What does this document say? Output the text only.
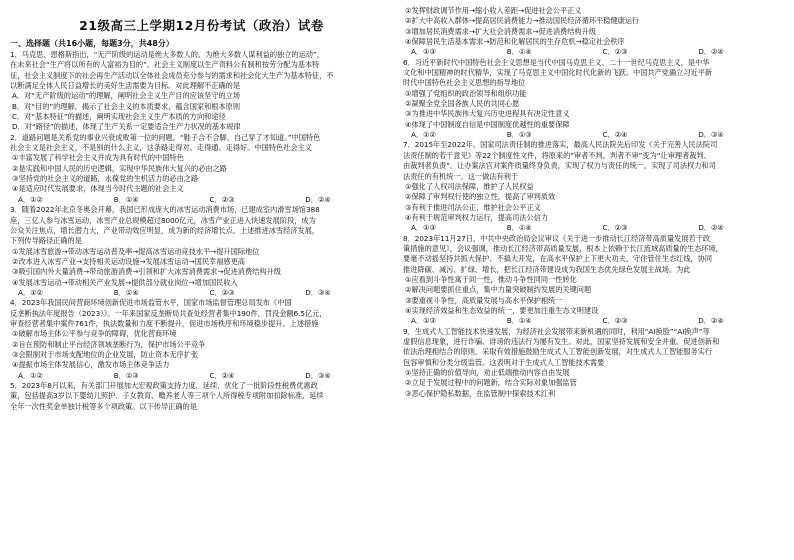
21级高三上学期12月份考试（政治）试卷
一、选择题（共16小题，每题3分，共48分）
1．马克思、恩格斯指出，“无产阶级的运动是绝大多数人的、为绝大多数人谋利益的独立的运动”，
在未来社会“生产将以所有的人富裕为目的”。社会主义制度以生产资料公有制和按劳分配为基本特
征，社会主义制度下的社会再生产活动以全体社会成员充分参与的需求和社会化大生产为基本特征，不
以断满足全体人民日益增长的美好生活需要为目标。对此理解不正确的是
A．对“无产阶级的运动”的理解，阐明社会主义生产目的应该坚守的立场
B．对“目的”的理解，揭示了社会主义的本质要求，蕴含国家和根本原则
C．对“基本特征”的描述，阐明实现社会主义生产本质的方向和途径
D．对“路径”的描述，体现了生产关系一定要适合生产力状况的基本规律
2．道路问题是关系党的事业兴衰成败第一位的问题。“鞋子合不合脚，自己穿了才知道。”中国特色
社会主义是社会主义，不是别的什么主义，这条路走得对、走得通、走得好。中国特色社会主义
①丰富发展了科学社会主义并成为具有时代的中国特色
②是实践和中国人民的历史逻辑，实现中华民族伟大复兴的必由之路
③坚持党的社会主义的道路，永葆党的生机活力的必由之路
④是适应时代发展要求，体现当今时代主题的社会主义
A．①②	B．①④	C．②③	D．②④
3．随着2022年北京冬奥会开幕，我国已形成庞大的冰雪运动消费市场，已建成室内滑雪场馆388
座，三亿人参与冰雪运动，冰雪产业总规模超过8000亿元，冰雪产业正进入快速发展阶段，成为
公众关注焦点，增长潜力大，产业带动效应明显，成为新的经济增长点。上述推进冰雪经济发展，
下列传导路径正确的是
①发展冰雪旅游→带动冰雪运动普及率→提高冰雪运动竞技水平→提升国际地位
②改本进入冰雪产业→支持相关运动设施→发展冰雪运动→国民幸福感更高
③吸引国内外大量消费→带动旅游消费→引领和扩大冰雪消费需求→促进消费结构升级
④发展冰雪运动→带动相关产业发展→提供部分就业岗位→增加国民收入
A．①②	B．①④	C．②③	D．③④
4．2023年我国民间营商环境创新促进市场监管水平，国家市场监督管理总局发布《中国
反垄断执法年度报告（2023）》。一年来国家反垄断局共查处经营者集中190件，罚没金额6.5亿元，
审查经营者集中案件761件，执法数量和力度不断提升，促进市场秩序和环境稳步提升。上述措施
①破解市场主体公平参与竞争的障碍，优化营商环境
②旨在预防和制止平台经济领域垄断行为，保护市场公平竞争
③会限制对于市场支配地位的企业发展，防止资本无序扩张
④提振市场主体发展信心，激发市场主体竞争活力
A．①②	B．①③	C．②④	D．③④
5．2023年8月以来，有关部门开展加大宏观政策支持力度，延续、优化了一批阶段性税费优惠政
策，包括提高3岁以下婴幼儿照护、子女教育、赡养老人等三项个人所得税专项附加扣除标准，延续
全年一次性奖金单独计税等多个项政策。以下传导正确的是
①发挥财政调节作用→缩小收入差距→促进社会公平正义
②扩大中高收入群体→提高居民消费能力→推动国民经济循环平稳健康运行
③增加居民消费需求→扩大社会消费需求→促进消费结构升级
④保障居民生活基本需求→防范和化解居民的生存危机→稳定社会秩序
A．①③	B．①④	C．②③	D．②④
6．习近平新时代中国特色社会主义思想是当代中国马克思主义、二十一世纪马克思主义，是中华
文化和中国精神的时代精华，实现了马克思主义中国化时代化新的飞跃。中国共产党确立习近平新
时代中国特色社会主义思想的指导地位
①增强了党组织的政治领导和组织功能
②凝聚全党全国各族人民的共同心愿
③为推进中华民族伟大复兴历史进程具有决定性意义
④体现了中国制度自信是中国制度优越性的重要保障
A．①②	B．①③	C．②④	D．③④
7．2015年至2022年，国家司法责任制的推进落实，最高人民法院先后印发《关于完善人民法院司
法责任制的若干意见》等22个制度性文件，将原来的“审者不判、判者不审”变为“让审理者裁判、
由裁判者负责”，让办案法官对案件质量终身负责，实现了权力与责任的统一，实现了司法权力和司
法责任的有机统一。这一做法有利于
①强化了人权司法保障，维护了人民权益
②保障了审判权行使的独立性，提高了审判质效
③有利于推进司法公正，维护社会公平正义
④有利于规范审判权力运行，提高司法公信力
A．①③	B．①④	C．②③	D．②④
8．2023年11月27日，中共中央政治局会议审议《关于进一步推动长江经济带高质量发展若干政
策措施的意见》，会议强调，推动长江经济带高质量发展，根本上依赖于长江流域高质量的生态环境，
要毫不动摇坚持共抓大保护、不搞大开发，在高水平保护上下更大功夫，守住管住生态红线，协同
推进降碳、减污、扩绿、增长，把长江经济带建设成为我国生态优先绿色发展主战场。为此
①应看到斗争性寓于同一性，推动斗争性同同一性转化
②解决问题要抓住重点，集中力量突破制约发展的关键问题
③要重视斗争性，高质量发展与高水平保护相统一
④实现经济效益和生态效益的统一，要更加注重生态文明建设
A．①③	B．①④	C．②③	D．②④
9．生成式人工智能技术快速发展，为经济社会发展带来新机遇的同时，利用“AI换脸”“AI换声”等
虚假信息现象，进行诈骗、诽谤的违法行为屡有发生。对此，国家坚持发展和安全并重、促进创新和
依法治理相结合的原则，采取有效措施鼓励生成式人工智能创新发展，对生成式人工智能服务实行
包容审慎和分类分级监管。这表明对于生成式人工智能技术需要
①坚持正确的价值导向，劝止低端推动内容自由发展
②立足于发展过程中的问题新，结合实际对象加强监管
③恶心保护隐私数据，在监管制中探索技术红利
